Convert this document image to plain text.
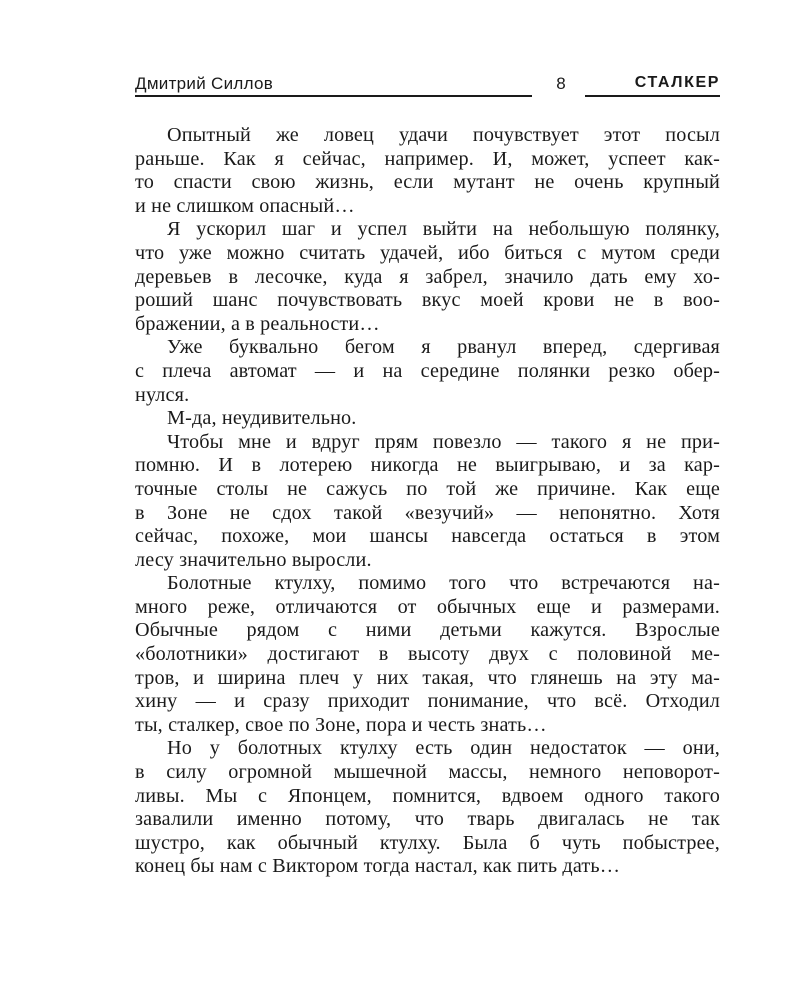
Дмитрий Силлов	8	СТАЛКЕР
Опытный же ловец удачи почувствует этот посыл
раньше. Как я сейчас, например. И, может, успеет как-
то спасти свою жизнь, если мутант не очень крупный
и не слишком опасный…
Я ускорил шаг и успел выйти на небольшую полянку,
что уже можно считать удачей, ибо биться с мутом среди
деревьев в лесочке, куда я забрел, значило дать ему хо-
роший шанс почувствовать вкус моей крови не в воо-
бражении, а в реальности…
Уже буквально бегом я рванул вперед, сдергивая
с плеча автомат — и на середине полянки резко обер-
нулся.
М-да, неудивительно.
Чтобы мне и вдруг прям повезло — такого я не при-
помню. И в лотерею никогда не выигрываю, и за кар-
точные столы не сажусь по той же причине. Как еще
в Зоне не сдох такой «везучий» — непонятно. Хотя
сейчас, похоже, мои шансы навсегда остаться в этом
лесу значительно выросли.
Болотные ктулху, помимо того что встречаются на-
много реже, отличаются от обычных еще и размерами.
Обычные рядом с ними детьми кажутся. Взрослые
«болотники» достигают в высоту двух с половиной ме-
тров, и ширина плеч у них такая, что глянешь на эту ма-
хину — и сразу приходит понимание, что всё. Отходил
ты, сталкер, свое по Зоне, пора и честь знать…
Но у болотных ктулху есть один недостаток — они,
в силу огромной мышечной массы, немного неповорот-
ливы. Мы с Японцем, помнится, вдвоем одного такого
завалили именно потому, что тварь двигалась не так
шустро, как обычный ктулху. Была б чуть побыстрее,
конец бы нам с Виктором тогда настал, как пить дать…
